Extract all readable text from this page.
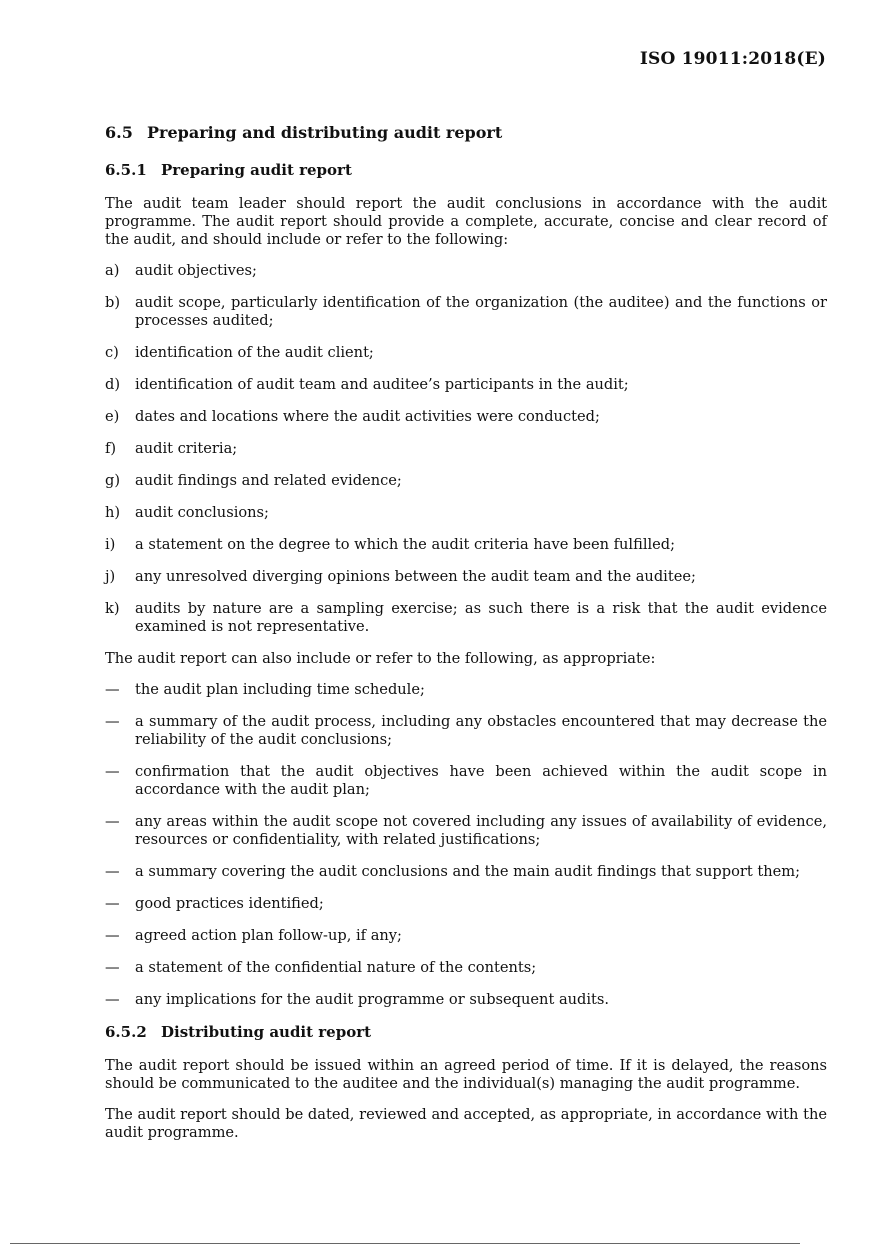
ISO 19011:2018(E)
6.5 Preparing and distributing audit report
6.5.1 Preparing audit report

The audit team leader should report the audit conclusions in accordance with the audit programme. The audit report should provide a complete, accurate, concise and clear record of the audit, and should include or refer to the following:

a)	audit objectives;
b)	audit scope, particularly identification of the organization (the auditee) and the functions or processes audited;
c)	identification of the audit client;
d)	identification of audit team and auditee’s participants in the audit;
e)	dates and locations where the audit activities were conducted;
f)	audit criteria;
g)	audit findings and related evidence;
h)	audit conclusions;
i)	a statement on the degree to which the audit criteria have been fulfilled;
j)	any unresolved diverging opinions between the audit team and the auditee;
k)	audits by nature are a sampling exercise; as such there is a risk that the audit evidence examined is not representative.

The audit report can also include or refer to the following, as appropriate:

—	the audit plan including time schedule;
—	a summary of the audit process, including any obstacles encountered that may decrease the reliability of the audit conclusions;
—	confirmation that the audit objectives have been achieved within the audit scope in accordance with the audit plan;
—	any areas within the audit scope not covered including any issues of availability of evidence, resources or confidentiality, with related justifications;
—	a summary covering the audit conclusions and the main audit findings that support them;
—	good practices identified;
—	agreed action plan follow-up, if any;
—	a statement of the confidential nature of the contents;
—	any implications for the audit programme or subsequent audits.
6.5.2 Distributing audit report

The audit report should be issued within an agreed period of time. If it is delayed, the reasons should be communicated to the auditee and the individual(s) managing the audit programme.

The audit report should be dated, reviewed and accepted, as appropriate, in accordance with the audit programme.
